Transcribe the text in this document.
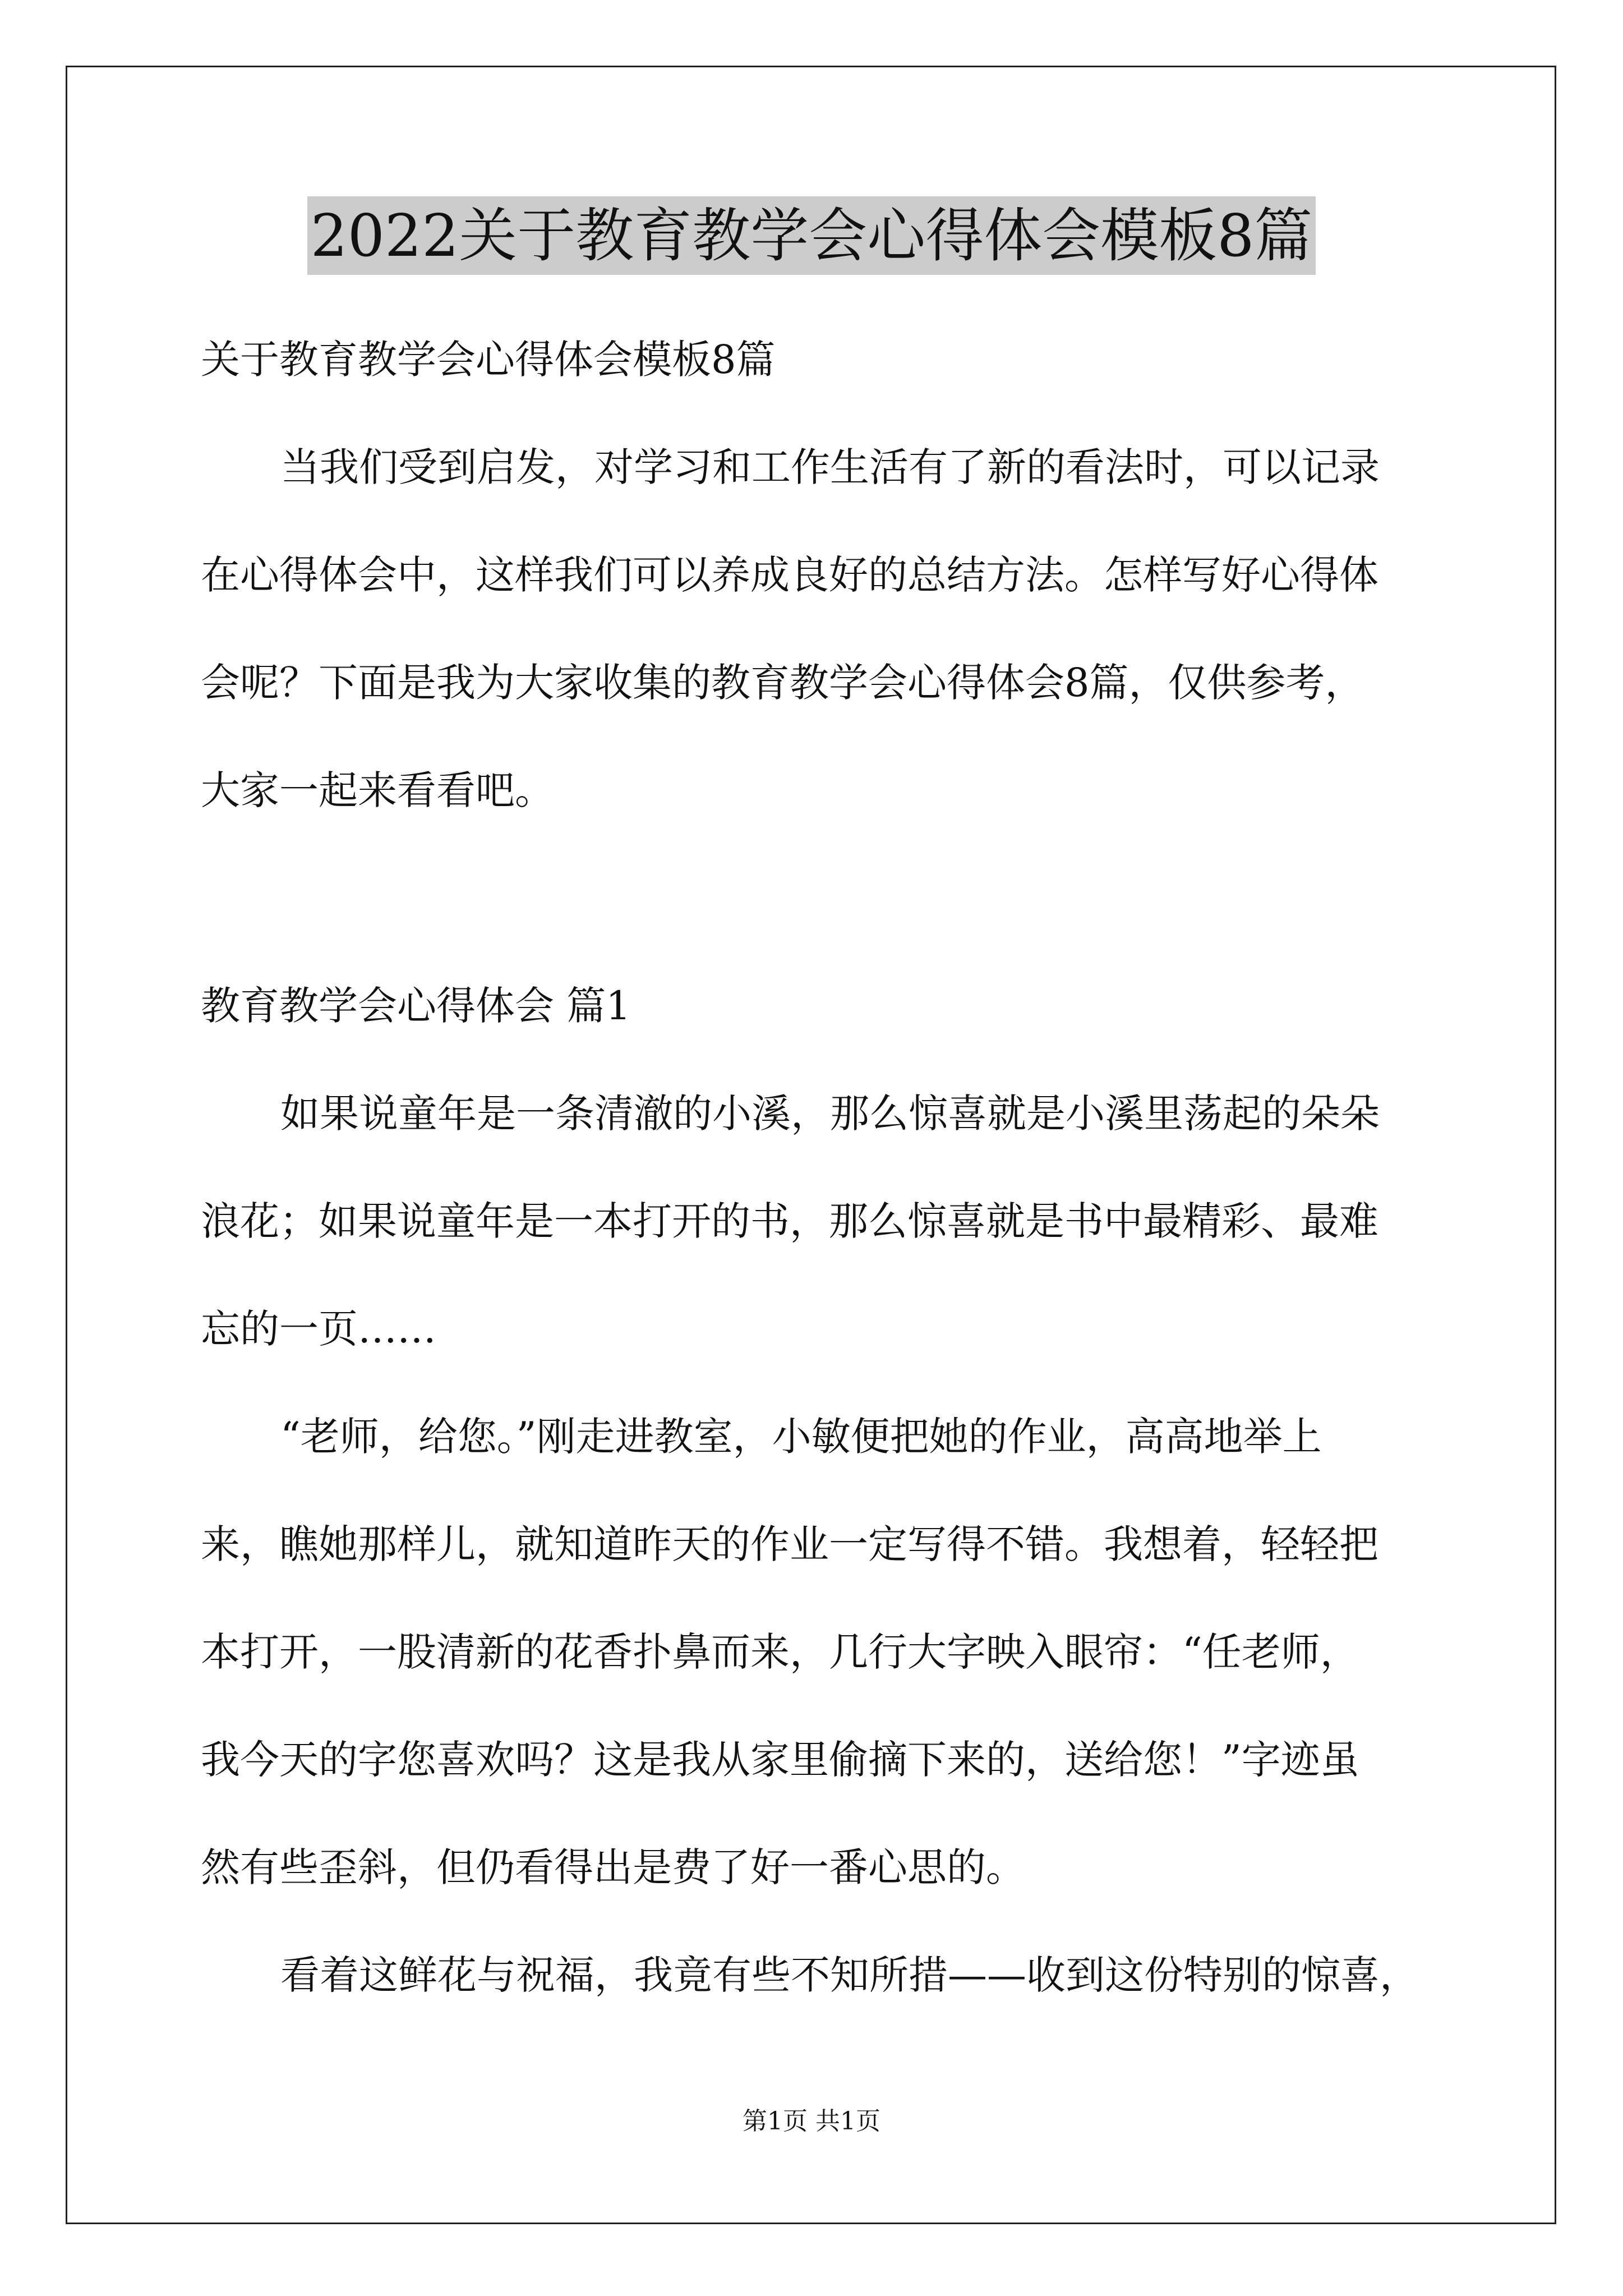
2022关于教育教学会心得体会模板8篇

关于教育教学会心得体会模板8篇

当我们受到启发，对学习和工作生活有了新的看法时，可以记录

在心得体会中，这样我们可以养成良好的总结方法。怎样写好心得体

会呢？下面是我为大家收集的教育教学会心得体会8篇，仅供参考，

大家一起来看看吧。

教育教学会心得体会 篇1

如果说童年是一条清澈的小溪，那么惊喜就是小溪里荡起的朵朵

浪花；如果说童年是一本打开的书，那么惊喜就是书中最精彩、最难

忘的一页……

“老师，给您。”刚走进教室，小敏便把她的作业，高高地举上

来，瞧她那样儿，就知道昨天的作业一定写得不错。我想着，轻轻把

本打开，一股清新的花香扑鼻而来，几行大字映入眼帘：“任老师，

我今天的字您喜欢吗？这是我从家里偷摘下来的，送给您！”字迹虽

然有些歪斜，但仍看得出是费了好一番心思的。

看着这鲜花与祝福，我竟有些不知所措——收到这份特别的惊喜，

第1页 共1页
